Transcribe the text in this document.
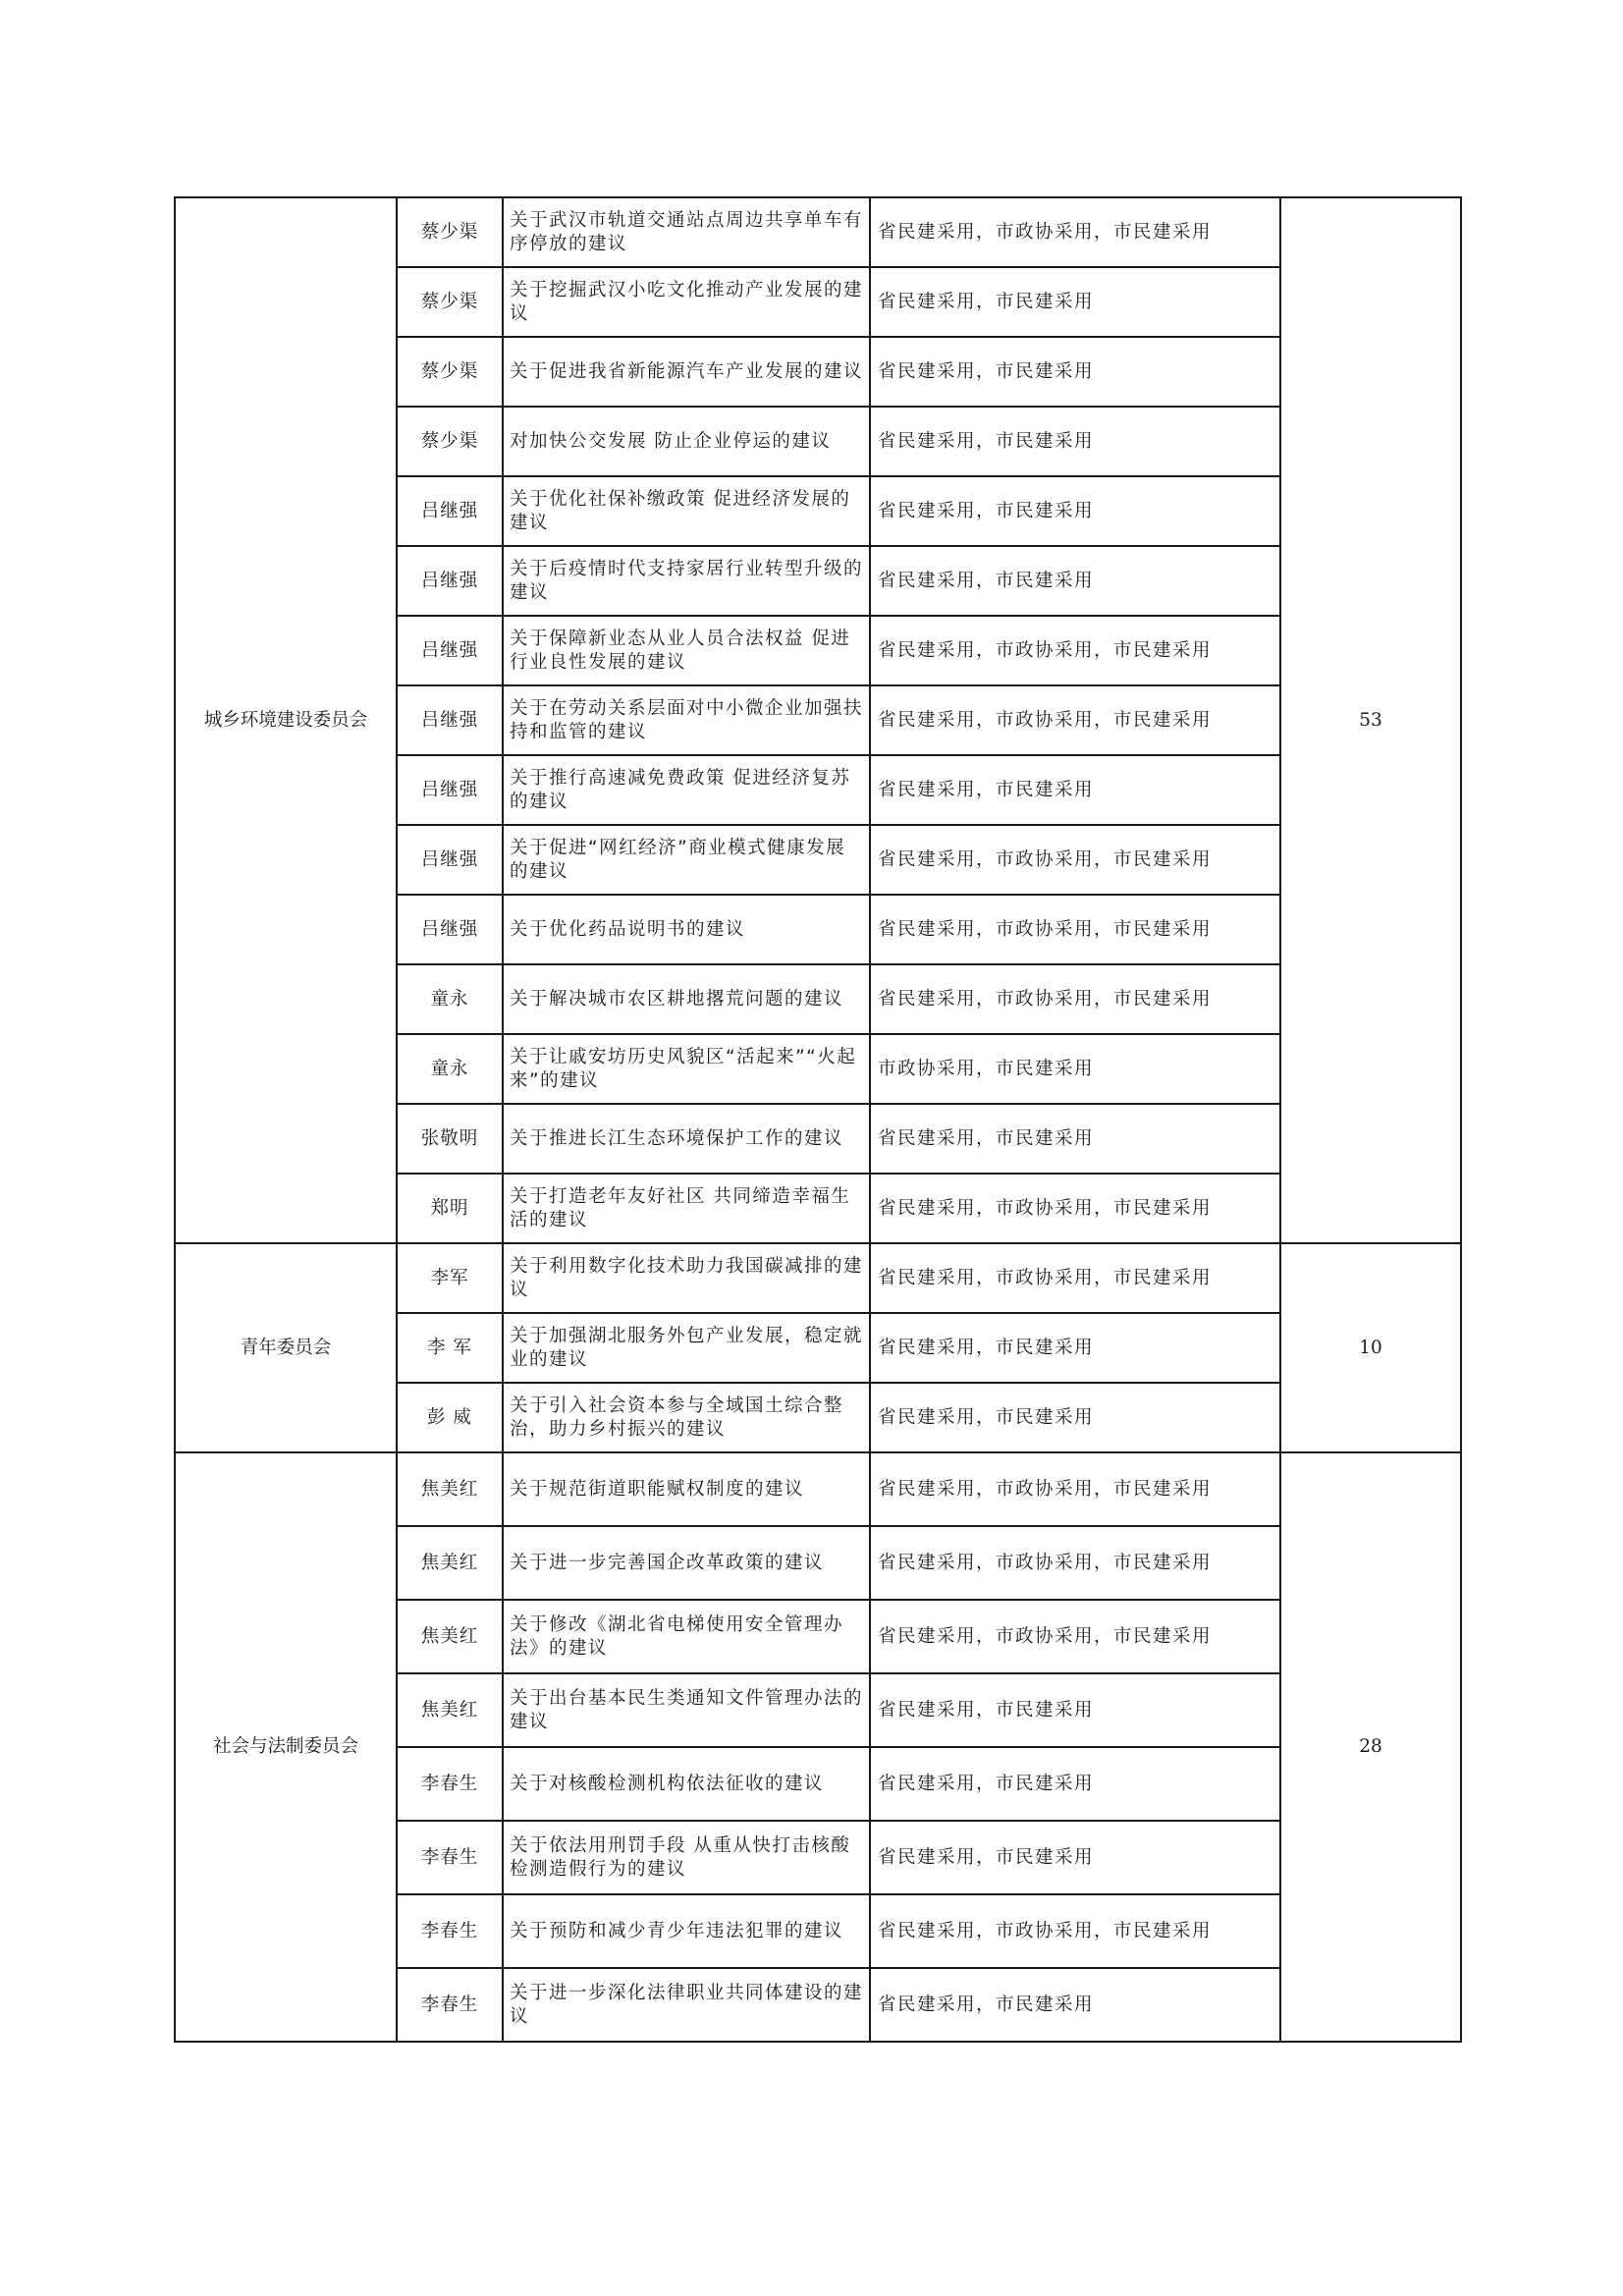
城乡环境建设委员会	蔡少渠	关于武汉市轨道交通站点周边共享单车有序停放的建议	省民建采用，市政协采用，市民建采用	53
	蔡少渠	关于挖掘武汉小吃文化推动产业发展的建议	省民建采用，市民建采用	
	蔡少渠	关于促进我省新能源汽车产业发展的建议	省民建采用，市民建采用	
	蔡少渠	对加快公交发展 防止企业停运的建议	省民建采用，市民建采用	
	吕继强	关于优化社保补缴政策 促进经济发展的建议	省民建采用，市民建采用	
	吕继强	关于后疫情时代支持家居行业转型升级的建议	省民建采用，市民建采用	
	吕继强	关于保障新业态从业人员合法权益 促进行业良性发展的建议	省民建采用，市政协采用，市民建采用	
	吕继强	关于在劳动关系层面对中小微企业加强扶持和监管的建议	省民建采用，市政协采用，市民建采用	
	吕继强	关于推行高速减免费政策 促进经济复苏的建议	省民建采用，市民建采用	
	吕继强	关于促进“网红经济”商业模式健康发展的建议	省民建采用，市政协采用，市民建采用	
	吕继强	关于优化药品说明书的建议	省民建采用，市政协采用，市民建采用	
	童永	关于解决城市农区耕地撂荒问题的建议	省民建采用，市政协采用，市民建采用	
	童永	关于让戚安坊历史风貌区“活起来”“火起来”的建议	市政协采用，市民建采用	
	张敬明	关于推进长江生态环境保护工作的建议	省民建采用，市民建采用	
	郑明	关于打造老年友好社区 共同缔造幸福生活的建议	省民建采用，市政协采用，市民建采用	
青年委员会	李军	关于利用数字化技术助力我国碳减排的建议	省民建采用，市政协采用，市民建采用	10
	李 军	关于加强湖北服务外包产业发展，稳定就业的建议	省民建采用，市民建采用	
	彭 威	关于引入社会资本参与全域国土综合整治，助力乡村振兴的建议	省民建采用，市民建采用	
社会与法制委员会	焦美红	关于规范街道职能赋权制度的建议	省民建采用，市政协采用，市民建采用	28
	焦美红	关于进一步完善国企改革政策的建议	省民建采用，市政协采用，市民建采用	
	焦美红	关于修改《湖北省电梯使用安全管理办法》的建议	省民建采用，市政协采用，市民建采用	
	焦美红	关于出台基本民生类通知文件管理办法的建议	省民建采用，市民建采用	
	李春生	关于对核酸检测机构依法征收的建议	省民建采用，市民建采用	
	李春生	关于依法用刑罚手段 从重从快打击核酸检测造假行为的建议	省民建采用，市民建采用	
	李春生	关于预防和减少青少年违法犯罪的建议	省民建采用，市政协采用，市民建采用	
	李春生	关于进一步深化法律职业共同体建设的建议	省民建采用，市民建采用	
